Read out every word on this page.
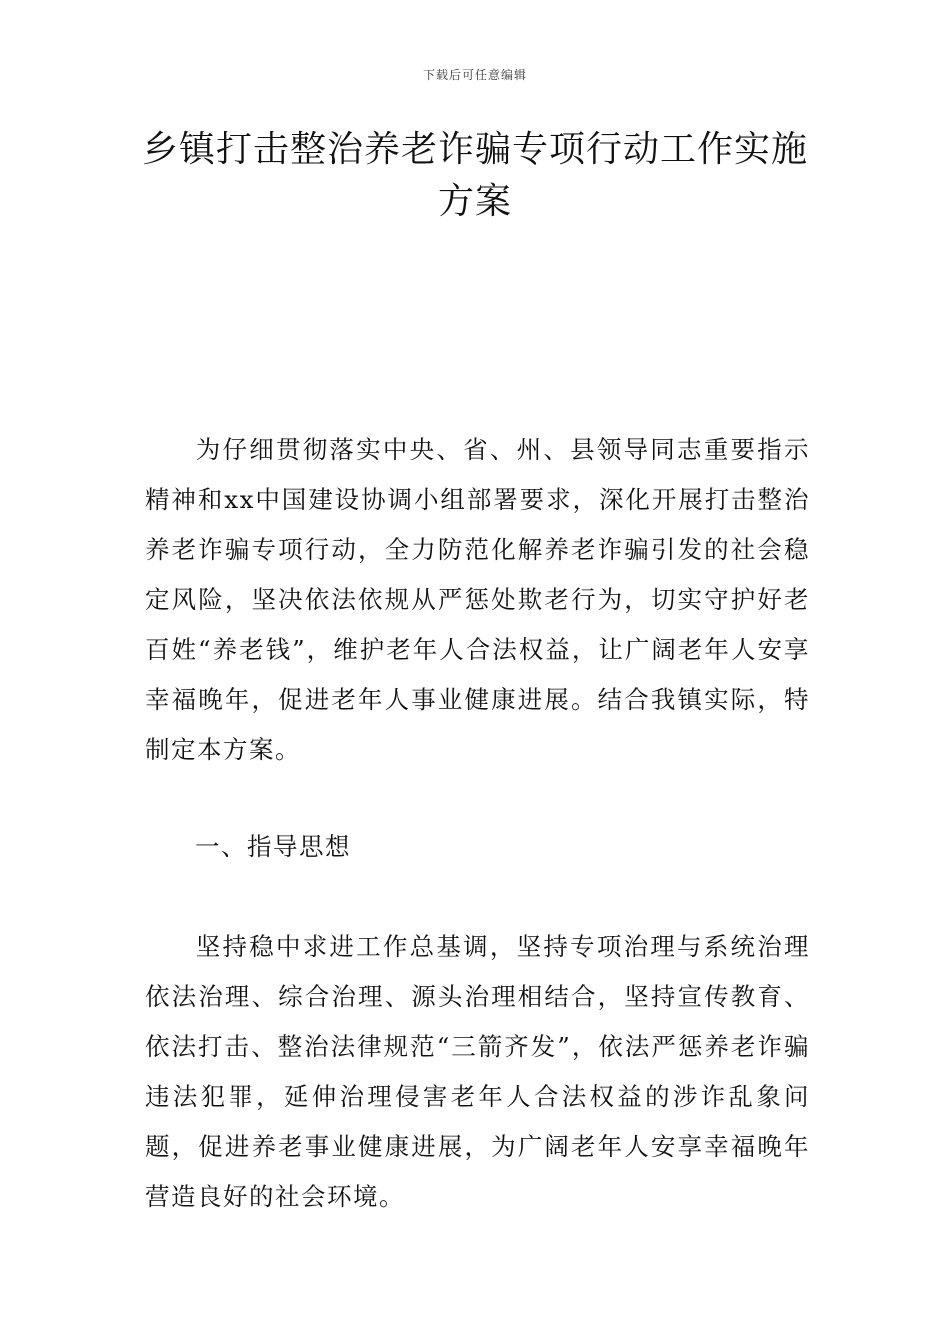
下载后可任意编辑
乡镇打击整治养老诈骗专项行动工作实施
方案

为仔细贯彻落实中央、省、州、县领导同志重要指示精神和xx中国建设协调小组部署要求，深化开展打击整治养老诈骗专项行动，全力防范化解养老诈骗引发的社会稳定风险，坚决依法依规从严惩处欺老行为，切实守护好老百姓“养老钱”，维护老年人合法权益，让广阔老年人安享幸福晚年，促进老年人事业健康进展。结合我镇实际，特制定本方案。

一、指导思想

坚持稳中求进工作总基调，坚持专项治理与系统治理依法治理、综合治理、源头治理相结合，坚持宣传教育、依法打击、整治法律规范“三箭齐发”，依法严惩养老诈骗违法犯罪，延伸治理侵害老年人合法权益的涉诈乱象问题，促进养老事业健康进展，为广阔老年人安享幸福晚年营造良好的社会环境。
